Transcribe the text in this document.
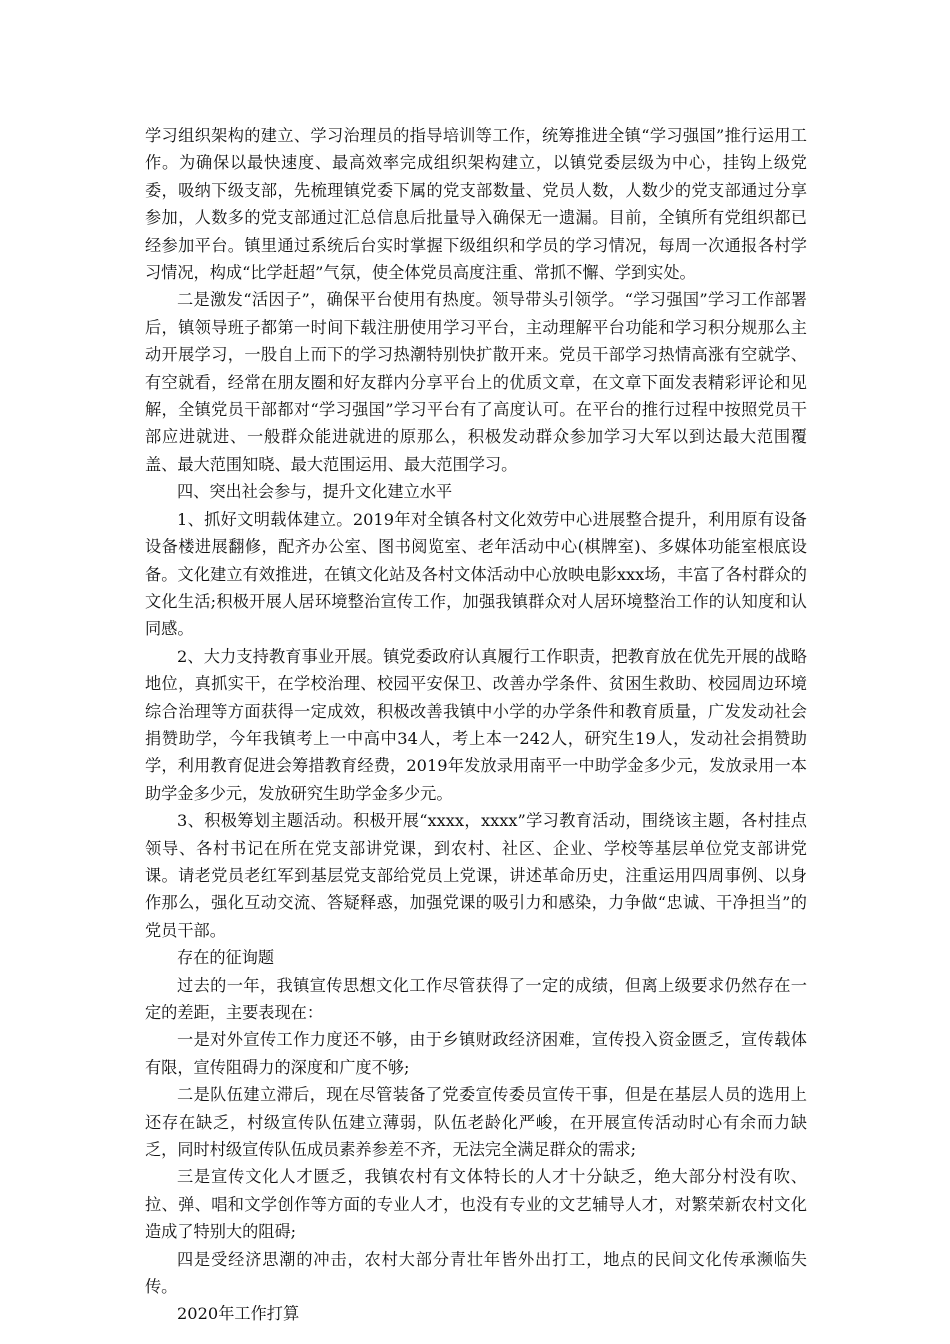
学习组织架构的建立、学习治理员的指导培训等工作，统筹推进全镇“学习强国”推行运用工作。为确保以最快速度、最高效率完成组织架构建立，以镇党委层级为中心，挂钩上级党委，吸纳下级支部，先梳理镇党委下属的党支部数量、党员人数，人数少的党支部通过分享参加，人数多的党支部通过汇总信息后批量导入确保无一遗漏。目前，全镇所有党组织都已经参加平台。镇里通过系统后台实时掌握下级组织和学员的学习情况，每周一次通报各村学习情况，构成“比学赶超”气氛，使全体党员高度注重、常抓不懈、学到实处。

二是激发“活因子”，确保平台使用有热度。领导带头引领学。“学习强国”学习工作部署后，镇领导班子都第一时间下载注册使用学习平台，主动理解平台功能和学习积分规那么主动开展学习，一股自上而下的学习热潮特别快扩散开来。党员干部学习热情高涨有空就学、有空就看，经常在朋友圈和好友群内分享平台上的优质文章，在文章下面发表精彩评论和见解，全镇党员干部都对“学习强国”学习平台有了高度认可。在平台的推行过程中按照党员干部应进就进、一般群众能进就进的原那么，积极发动群众参加学习大军以到达最大范围覆盖、最大范围知晓、最大范围运用、最大范围学习。

四、突出社会参与，提升文化建立水平

1、抓好文明载体建立。2019年对全镇各村文化效劳中心进展整合提升，利用原有设备设备楼进展翻修，配齐办公室、图书阅览室、老年活动中心(棋牌室)、多媒体功能室根底设备。文化建立有效推进，在镇文化站及各村文体活动中心放映电影xxx场，丰富了各村群众的文化生活;积极开展人居环境整治宣传工作，加强我镇群众对人居环境整治工作的认知度和认同感。

2、大力支持教育事业开展。镇党委政府认真履行工作职责，把教育放在优先开展的战略地位，真抓实干，在学校治理、校园平安保卫、改善办学条件、贫困生救助、校园周边环境综合治理等方面获得一定成效，积极改善我镇中小学的办学条件和教育质量，广发发动社会捐赞助学，今年我镇考上一中高中34人，考上本一242人，研究生19人，发动社会捐赞助学，利用教育促进会筹措教育经费，2019年发放录用南平一中助学金多少元，发放录用一本助学金多少元，发放研究生助学金多少元。

3、积极筹划主题活动。积极开展“xxxx，xxxx”学习教育活动，围绕该主题，各村挂点领导、各村书记在所在党支部讲党课，到农村、社区、企业、学校等基层单位党支部讲党课。请老党员老红军到基层党支部给党员上党课，讲述革命历史，注重运用四周事例、以身作那么，强化互动交流、答疑释惑，加强党课的吸引力和感染，力争做“忠诚、干净担当”的党员干部。

存在的征询题

过去的一年，我镇宣传思想文化工作尽管获得了一定的成绩，但离上级要求仍然存在一定的差距，主要表现在：

一是对外宣传工作力度还不够，由于乡镇财政经济困难，宣传投入资金匮乏，宣传载体有限，宣传阻碍力的深度和广度不够;

二是队伍建立滞后，现在尽管装备了党委宣传委员宣传干事，但是在基层人员的选用上还存在缺乏，村级宣传队伍建立薄弱，队伍老龄化严峻，在开展宣传活动时心有余而力缺乏，同时村级宣传队伍成员素养参差不齐，无法完全满足群众的需求;

三是宣传文化人才匮乏，我镇农村有文体特长的人才十分缺乏，绝大部分村没有吹、拉、弹、唱和文学创作等方面的专业人才，也没有专业的文艺辅导人才，对繁荣新农村文化造成了特别大的阻碍;

四是受经济思潮的冲击，农村大部分青壮年皆外出打工，地点的民间文化传承濒临失传。

2020年工作打算
